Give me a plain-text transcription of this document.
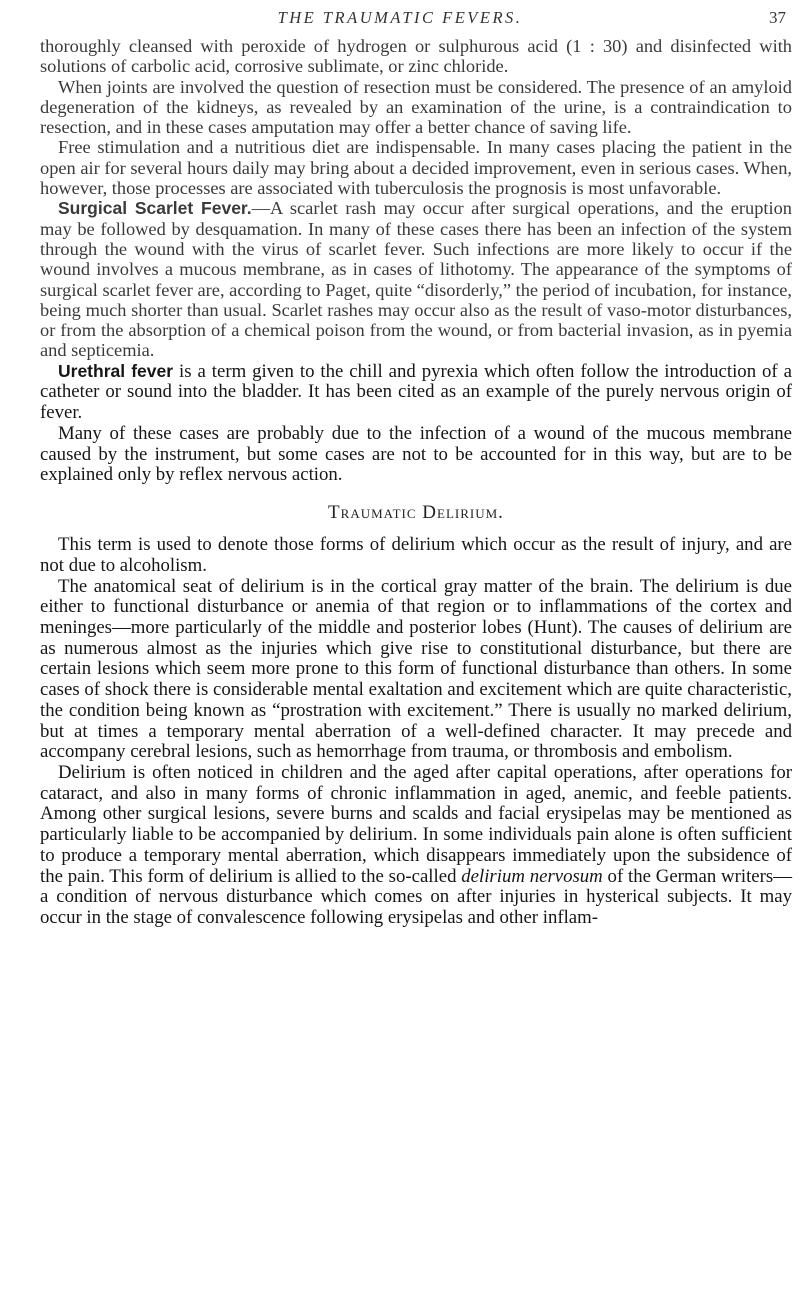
THE TRAUMATIC FEVERS.	37

thoroughly cleansed with peroxide of hydrogen or sulphurous acid (1 : 30) and disinfected with solutions of carbolic acid, corrosive sublimate, or zinc chloride.

When joints are involved the question of resection must be considered. The presence of an amyloid degeneration of the kidneys, as revealed by an examination of the urine, is a contraindication to resection, and in these cases amputation may offer a better chance of saving life.

Free stimulation and a nutritious diet are indispensable. In many cases placing the patient in the open air for several hours daily may bring about a decided improvement, even in serious cases. When, however, those processes are associated with tuberculosis the prognosis is most unfavorable.

Surgical Scarlet Fever.—A scarlet rash may occur after surgical operations, and the eruption may be followed by desquamation. In many of these cases there has been an infection of the system through the wound with the virus of scarlet fever. Such infections are more likely to occur if the wound involves a mucous membrane, as in cases of lithotomy. The appearance of the symptoms of surgical scarlet fever are, according to Paget, quite “disorderly,” the period of incubation, for instance, being much shorter than usual. Scarlet rashes may occur also as the result of vaso-motor disturbances, or from the absorption of a chemical poison from the wound, or from bacterial invasion, as in pyemia and septicemia.

Urethral fever is a term given to the chill and pyrexia which often follow the introduction of a catheter or sound into the bladder. It has been cited as an example of the purely nervous origin of fever.

Many of these cases are probably due to the infection of a wound of the mucous membrane caused by the instrument, but some cases are not to be accounted for in this way, but are to be explained only by reflex nervous action.

Traumatic Delirium.

This term is used to denote those forms of delirium which occur as the result of injury, and are not due to alcoholism.

The anatomical seat of delirium is in the cortical gray matter of the brain. The delirium is due either to functional disturbance or anemia of that region or to inflammations of the cortex and meninges—more particularly of the middle and posterior lobes (Hunt). The causes of delirium are as numerous almost as the injuries which give rise to constitutional disturbance, but there are certain lesions which seem more prone to this form of functional disturbance than others. In some cases of shock there is considerable mental exaltation and excitement which are quite characteristic, the condition being known as “prostration with excitement.” There is usually no marked delirium, but at times a temporary mental aberration of a well-defined character. It may precede and accompany cerebral lesions, such as hemorrhage from trauma, or thrombosis and embolism.

Delirium is often noticed in children and the aged after capital operations, after operations for cataract, and also in many forms of chronic inflammation in aged, anemic, and feeble patients. Among other surgical lesions, severe burns and scalds and facial erysipelas may be mentioned as particularly liable to be accompanied by delirium. In some individuals pain alone is often sufficient to produce a temporary mental aberration, which disappears immediately upon the subsidence of the pain. This form of delirium is allied to the so-called delirium nervosum of the German writers—a condition of nervous disturbance which comes on after injuries in hysterical subjects. It may occur in the stage of convalescence following erysipelas and other inflam-
